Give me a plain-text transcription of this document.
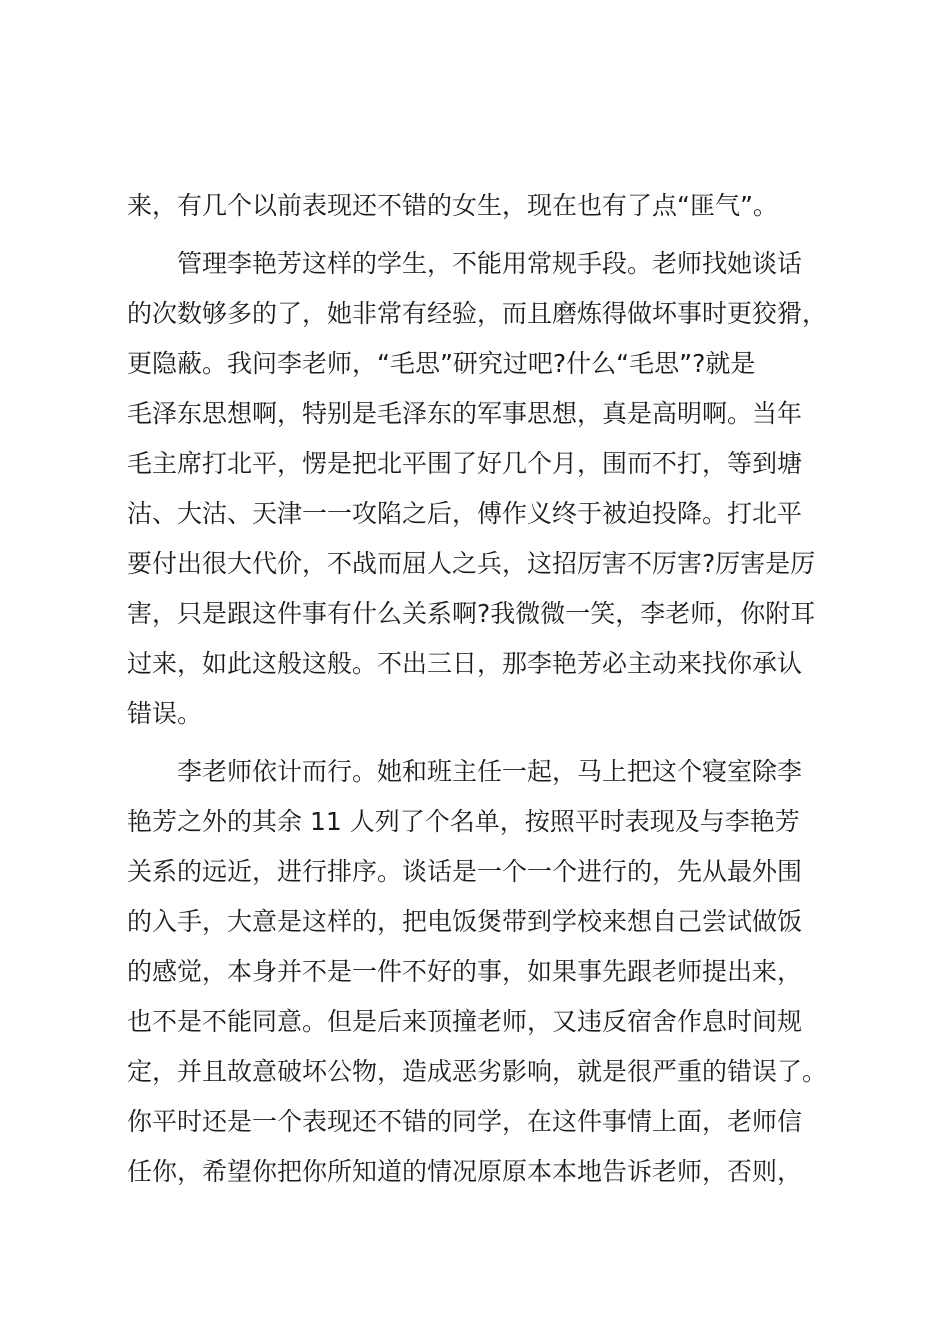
来，有几个以前表现还不错的女生，现在也有了点“匪气”。
管理李艳芳这样的学生，不能用常规手段。老师找她谈话
的次数够多的了，她非常有经验，而且磨炼得做坏事时更狡猾，
更隐蔽。我问李老师，“毛思”研究过吧?什么“毛思”?就是
毛泽东思想啊，特别是毛泽东的军事思想，真是高明啊。当年
毛主席打北平，愣是把北平围了好几个月，围而不打，等到塘
沽、大沽、天津一一攻陷之后，傅作义终于被迫投降。打北平
要付出很大代价，不战而屈人之兵，这招厉害不厉害?厉害是厉
害，只是跟这件事有什么关系啊?我微微一笑，李老师，你附耳
过来，如此这般这般。不出三日，那李艳芳必主动来找你承认
错误。
李老师依计而行。她和班主任一起，马上把这个寝室除李
艳芳之外的其余 11 人列了个名单，按照平时表现及与李艳芳
关系的远近，进行排序。谈话是一个一个进行的，先从最外围
的入手，大意是这样的，把电饭煲带到学校来想自己尝试做饭
的感觉，本身并不是一件不好的事，如果事先跟老师提出来，
也不是不能同意。但是后来顶撞老师，又违反宿舍作息时间规
定，并且故意破坏公物，造成恶劣影响，就是很严重的错误了。
你平时还是一个表现还不错的同学，在这件事情上面，老师信
任你，希望你把你所知道的情况原原本本地告诉老师，否则，
